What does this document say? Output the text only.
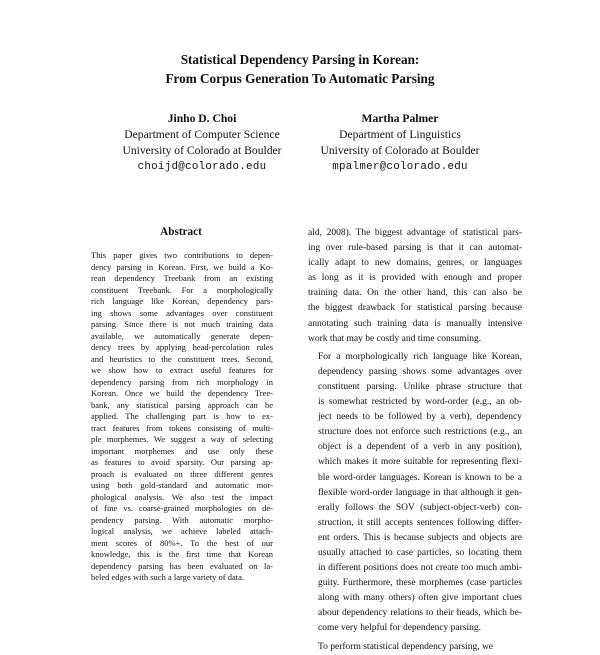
Statistical Dependency Parsing in Korean:
From Corpus Generation To Automatic Parsing
Jinho D. Choi
Department of Computer Science
University of Colorado at Boulder
choijd@colorado.edu
Martha Palmer
Department of Linguistics
University of Colorado at Boulder
mpalmer@colorado.edu
Abstract
This paper gives two contributions to depen-
dency parsing in Korean. First, we build a Ko-
rean dependency Treebank from an existing
constituent Treebank. For a morphologically
rich language like Korean, dependency pars-
ing shows some advantages over constituent
parsing. Since there is not much training data
available, we automatically generate depen-
dency trees by applying head-percolation rules
and heuristics to the constituent trees. Second,
we show how to extract useful features for
dependency parsing from rich morphology in
Korean. Once we build the dependency Tree-
bank, any statistical parsing approach can be
applied. The challenging part is how to ex-
tract features from tokens consisting of multi-
ple morphemes. We suggest a way of selecting
important morphemes and use only these
as features to avoid sparsity. Our parsing ap-
proach is evaluated on three different genres
using both gold-standard and automatic mor-
phological analysis. We also test the impact
of fine vs. coarse-grained morphologies on de-
pendency parsing. With automatic morpho-
logical analysis, we achieve labeled attach-
ment scores of 80%+. To the best of our
knowledge, this is the first time that Korean
dependency parsing has been evaluated on la-
beled edges with such a large variety of data.

ald, 2008). The biggest advantage of statistical pars-
ing over rule-based parsing is that it can automat-
ically adapt to new domains, genres, or languages
as long as it is provided with enough and proper
training data. On the other hand, this can also be
the biggest drawback for statistical parsing because
annotating such training data is manually intensive
work that may be costly and time consuming.

For a morphologically rich language like Korean,
dependency parsing shows some advantages over
constituent parsing. Unlike phrase structure that
is somewhat restricted by word-order (e.g., an ob-
ject needs to be followed by a verb), dependency
structure does not enforce such restrictions (e.g., an
object is a dependent of a verb in any position),
which makes it more suitable for representing flexi-
ble word-order languages. Korean is known to be a
flexible word-order language in that although it gen-
erally follows the SOV (subject-object-verb) con-
struction, it still accepts sentences following differ-
ent orders. This is because subjects and objects are
usually attached to case particles, so locating them
in different positions does not create too much ambi-
guity. Furthermore, these morphemes (case particles
along with many others) often give important clues
about dependency relations to their heads, which be-
come very helpful for dependency parsing.

To perform statistical dependency parsing, we
